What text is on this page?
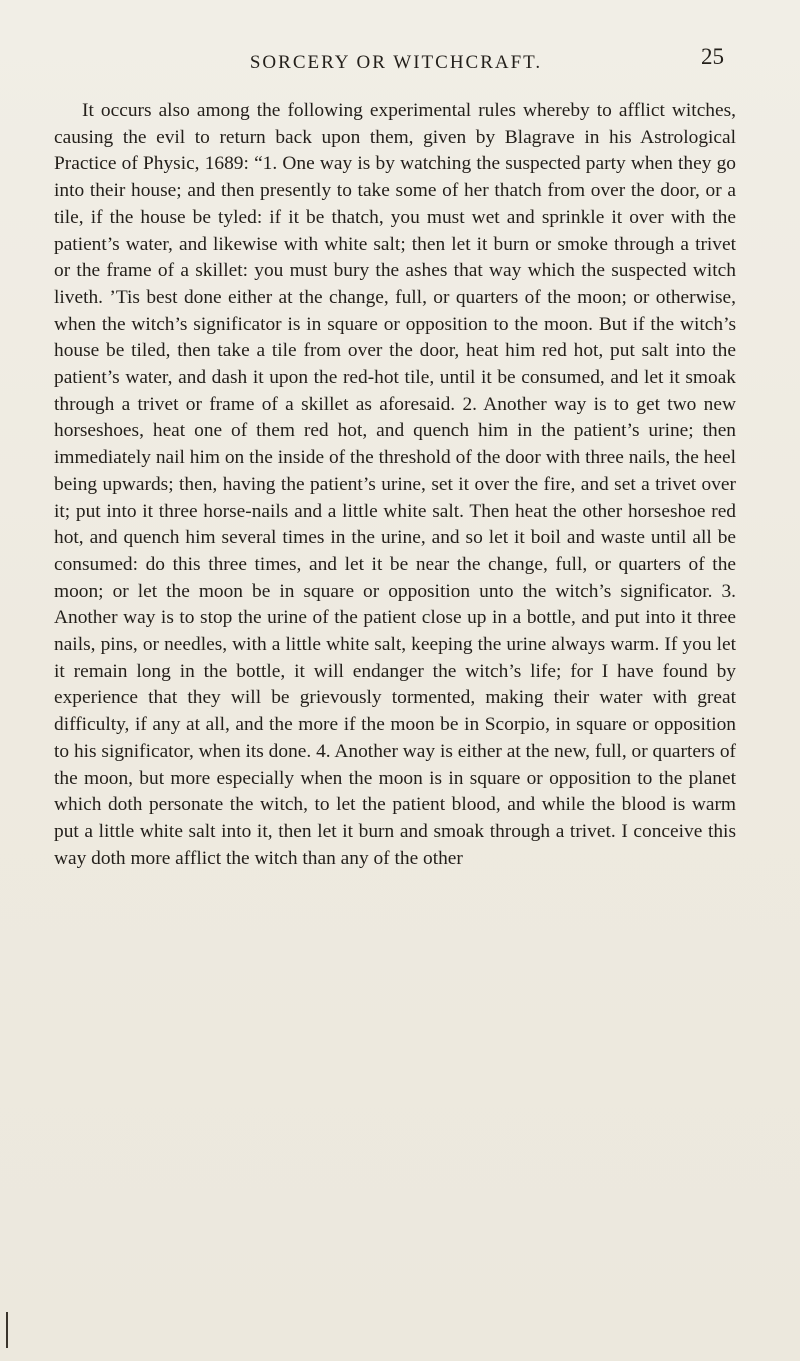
SORCERY OR WITCHCRAFT.	25

It occurs also among the following experimental rules whereby to afflict witches, causing the evil to return back upon them, given by Blagrave in his Astrological Practice of Physic, 1689: “1. One way is by watching the suspected party when they go into their house; and then presently to take some of her thatch from over the door, or a tile, if the house be tyled: if it be thatch, you must wet and sprinkle it over with the patient’s water, and likewise with white salt; then let it burn or smoke through a trivet or the frame of a skillet: you must bury the ashes that way which the suspected witch liveth. ’Tis best done either at the change, full, or quarters of the moon; or otherwise, when the witch’s significator is in square or opposition to the moon. But if the witch’s house be tiled, then take a tile from over the door, heat him red hot, put salt into the patient’s water, and dash it upon the red-hot tile, until it be consumed, and let it smoak through a trivet or frame of a skillet as aforesaid. 2. Another way is to get two new horseshoes, heat one of them red hot, and quench him in the patient’s urine; then immediately nail him on the inside of the threshold of the door with three nails, the heel being upwards; then, having the patient’s urine, set it over the fire, and set a trivet over it; put into it three horse-nails and a little white salt. Then heat the other horseshoe red hot, and quench him several times in the urine, and so let it boil and waste until all be consumed: do this three times, and let it be near the change, full, or quarters of the moon; or let the moon be in square or opposition unto the witch’s significator. 3. Another way is to stop the urine of the patient close up in a bottle, and put into it three nails, pins, or needles, with a little white salt, keeping the urine always warm. If you let it remain long in the bottle, it will endanger the witch’s life; for I have found by experience that they will be grievously tormented, making their water with great difficulty, if any at all, and the more if the moon be in Scorpio, in square or opposition to his significator, when its done. 4. Another way is either at the new, full, or quarters of the moon, but more especially when the moon is in square or opposition to the planet which doth personate the witch, to let the patient blood, and while the blood is warm put a little white salt into it, then let it burn and smoak through a trivet. I conceive this way doth more afflict the witch than any of the other
